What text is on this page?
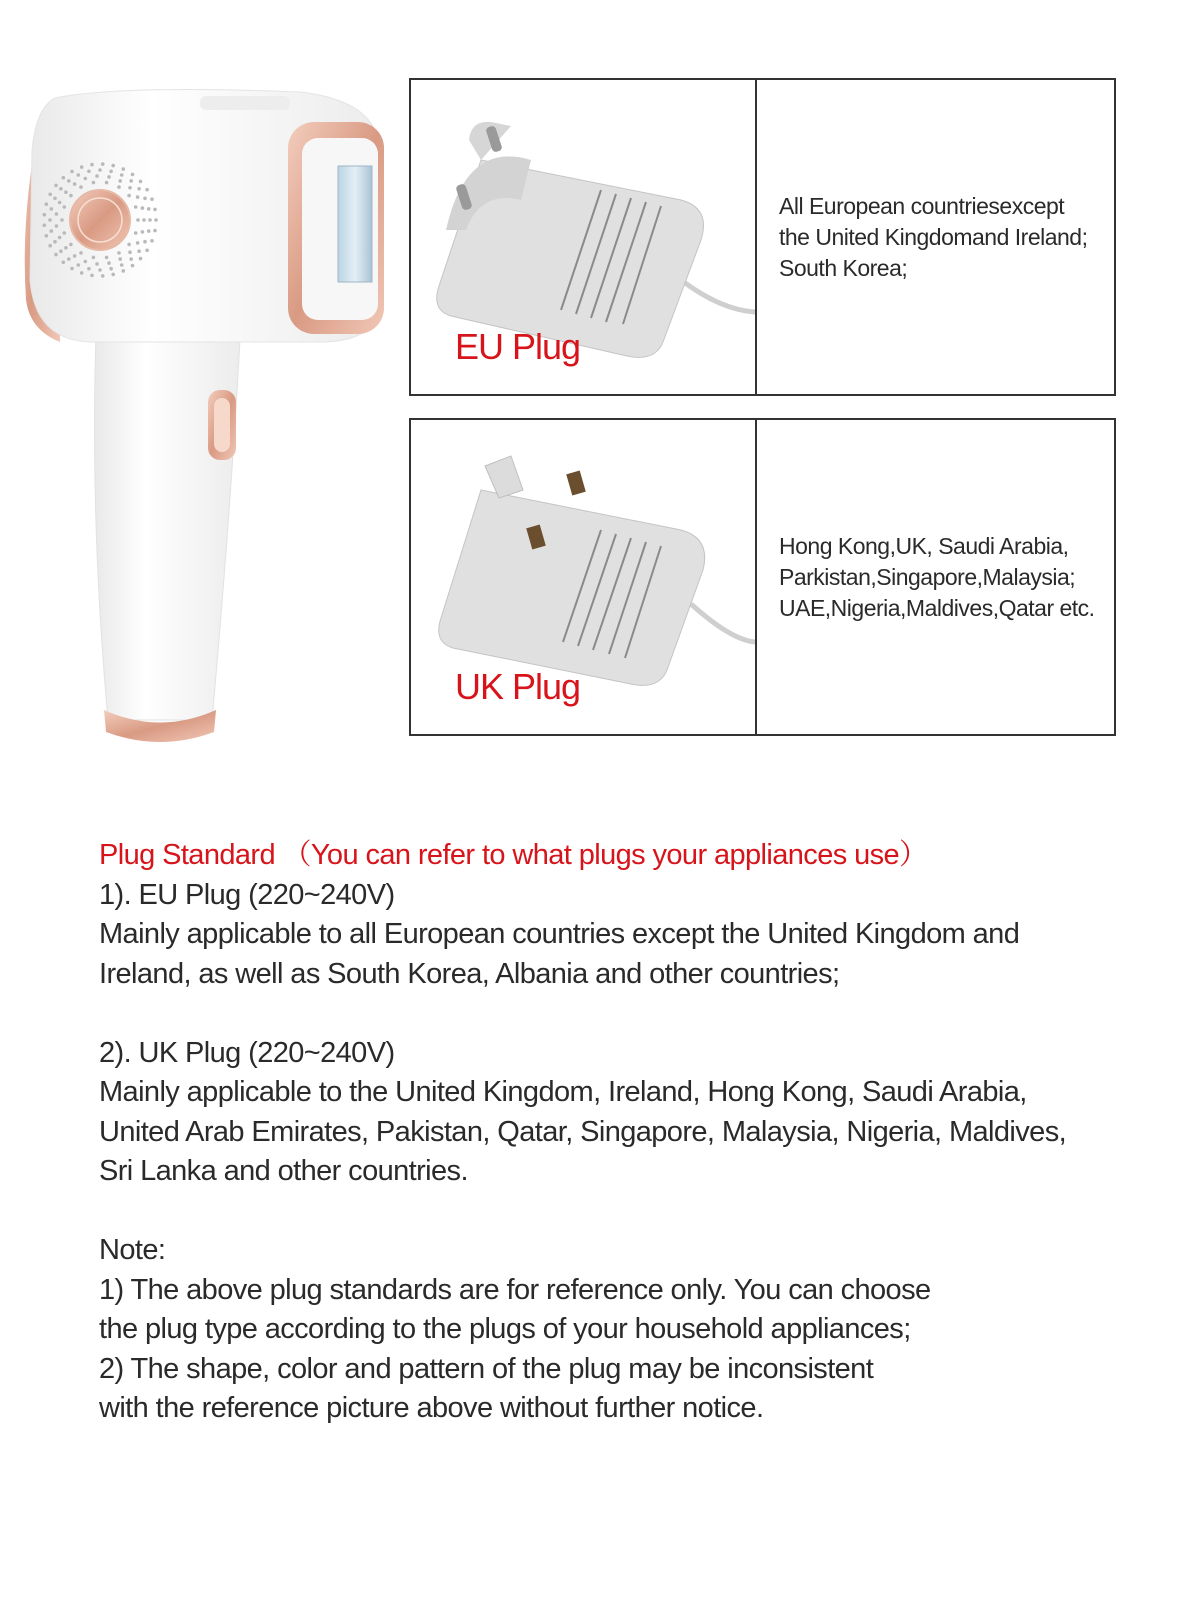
EU Plug
All European countriesexcept
the United Kingdomand Ireland;
South Korea;
UK Plug
Hong Kong,UK, Saudi Arabia,
Parkistan,Singapore,Malaysia;
UAE,Nigeria,Maldives,Qatar etc.
Plug Standard （You can refer to what plugs your appliances use）
1). EU Plug (220~240V)
Mainly applicable to all European countries except the United Kingdom and
Ireland, as well as South Korea, Albania and other countries;
2). UK Plug (220~240V)
Mainly applicable to the United Kingdom, Ireland, Hong Kong, Saudi Arabia,
United Arab Emirates, Pakistan, Qatar, Singapore, Malaysia, Nigeria, Maldives,
Sri Lanka and other countries.
Note:
1) The above plug standards are for reference only. You can choose
the plug type according to the plugs of your household appliances;
2) The shape, color and pattern of the plug may be inconsistent
with the reference picture above without further notice.
